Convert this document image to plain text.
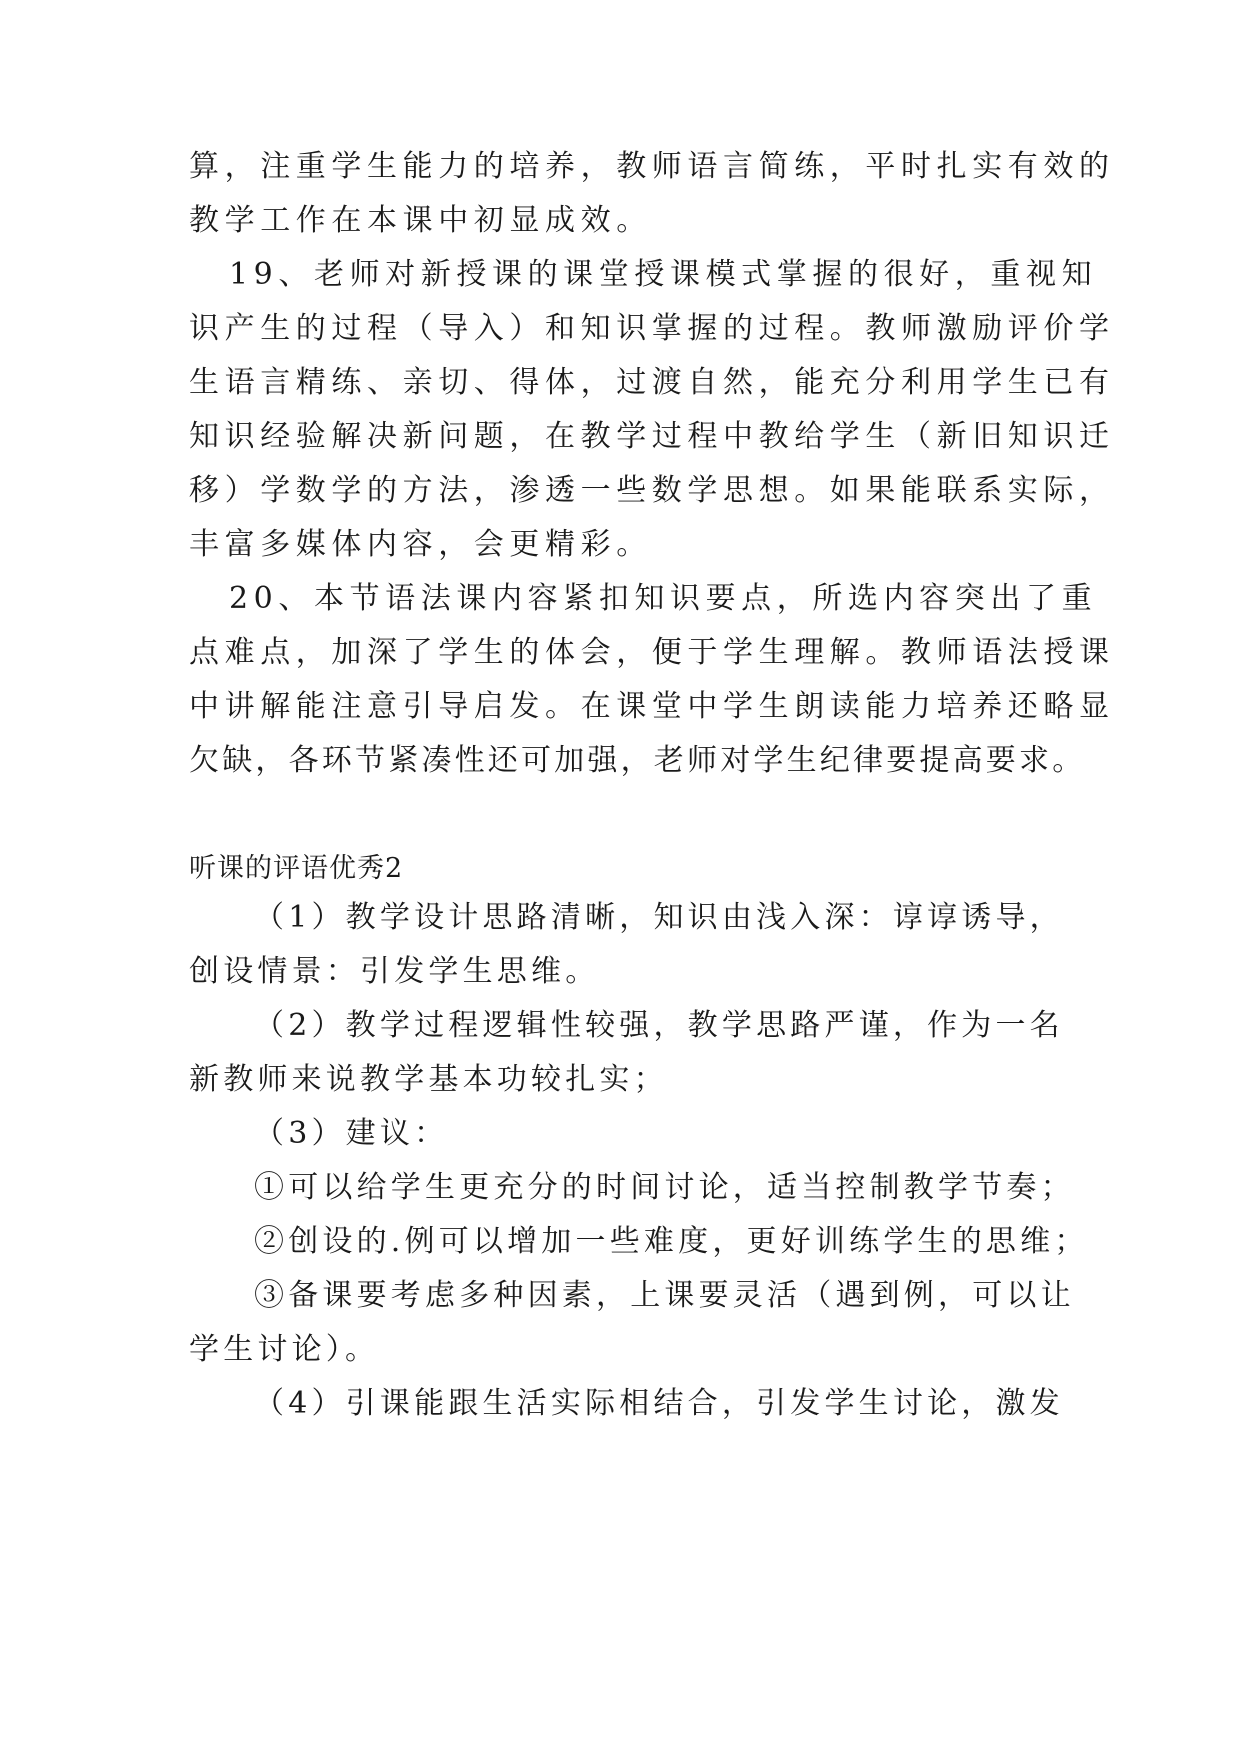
算，注重学生能力的培养，教师语言简练，平时扎实有效的
教学工作在本课中初显成效。
19、老师对新授课的课堂授课模式掌握的很好，重视知
识产生的过程（导入）和知识掌握的过程。教师激励评价学
生语言精练、亲切、得体，过渡自然，能充分利用学生已有
知识经验解决新问题，在教学过程中教给学生（新旧知识迁
移）学数学的方法，渗透一些数学思想。如果能联系实际，
丰富多媒体内容，会更精彩。
20、本节语法课内容紧扣知识要点，所选内容突出了重
点难点，加深了学生的体会，便于学生理解。教师语法授课
中讲解能注意引导启发。在课堂中学生朗读能力培养还略显
欠缺，各环节紧凑性还可加强，老师对学生纪律要提高要求。
听课的评语优秀2
（1）教学设计思路清晰，知识由浅入深：谆谆诱导，
创设情景：引发学生思维。
（2）教学过程逻辑性较强，教学思路严谨，作为一名
新教师来说教学基本功较扎实；
（3）建议：
①可以给学生更充分的时间讨论，适当控制教学节奏；
②创设的.例可以增加一些难度，更好训练学生的思维；
③备课要考虑多种因素，上课要灵活（遇到例，可以让
学生讨论）。
（4）引课能跟生活实际相结合，引发学生讨论，激发
